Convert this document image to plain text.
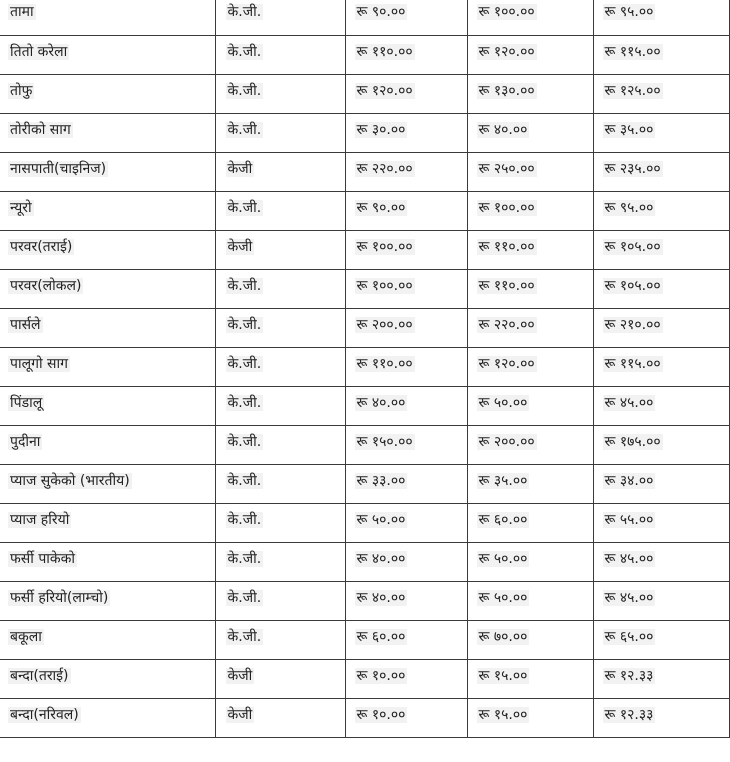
तामा	के.जी.	रू ९०.००	रू १००.००	रू ९५.००
तितो करेला	के.जी.	रू ११०.००	रू १२०.००	रू ११५.००
तोफु	के.जी.	रू १२०.००	रू १३०.००	रू १२५.००
तोरीको साग	के.जी.	रू ३०.००	रू ४०.००	रू ३५.००
नासपाती(चाइनिज)	केजी	रू २२०.००	रू २५०.००	रू २३५.००
न्यूरो	के.जी.	रू ९०.००	रू १००.००	रू ९५.००
परवर(तराई)	केजी	रू १००.००	रू ११०.००	रू १०५.००
परवर(लोकल)	के.जी.	रू १००.००	रू ११०.००	रू १०५.००
पार्सले	के.जी.	रू २००.००	रू २२०.००	रू २१०.००
पालूगो साग	के.जी.	रू ११०.००	रू १२०.००	रू ११५.००
पिंडालू	के.जी.	रू ४०.००	रू ५०.००	रू ४५.००
पुदीना	के.जी.	रू १५०.००	रू २००.००	रू १७५.००
प्याज सुकेको (भारतीय)	के.जी.	रू ३३.००	रू ३५.००	रू ३४.००
प्याज हरियो	के.जी.	रू ५०.००	रू ६०.००	रू ५५.००
फर्सी पाकेको	के.जी.	रू ४०.००	रू ५०.००	रू ४५.००
फर्सी हरियो(लाम्चो)	के.जी.	रू ४०.००	रू ५०.००	रू ४५.००
बकूला	के.जी.	रू ६०.००	रू ७०.००	रू ६५.००
बन्दा(तराई)	केजी	रू १०.००	रू १५.००	रू १२.३३
बन्दा(नरिवल)	केजी	रू १०.००	रू १५.००	रू १२.३३
